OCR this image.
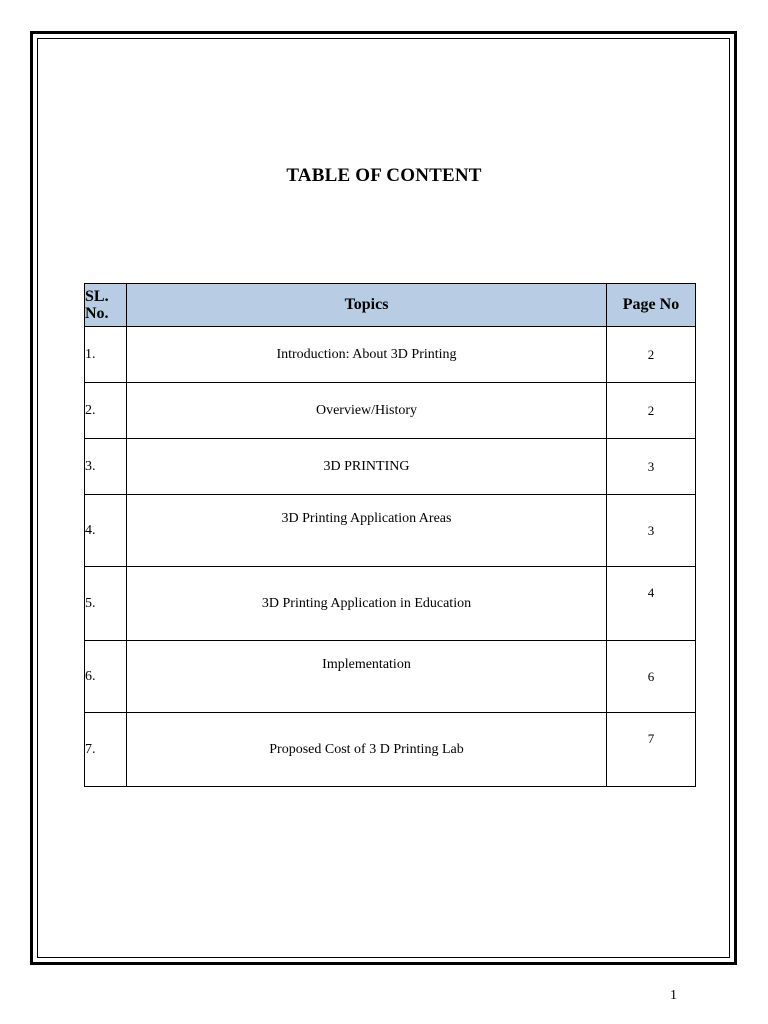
TABLE OF CONTENT
SL. No.	Topics	Page No
1.	Introduction: About 3D Printing	2
2.	Overview/History	2
3.	3D PRINTING	3
4.	3D Printing Application Areas	3
5.	3D Printing Application in Education	4
6.	Implementation	6
7.	Proposed Cost of 3 D Printing Lab	7
1
